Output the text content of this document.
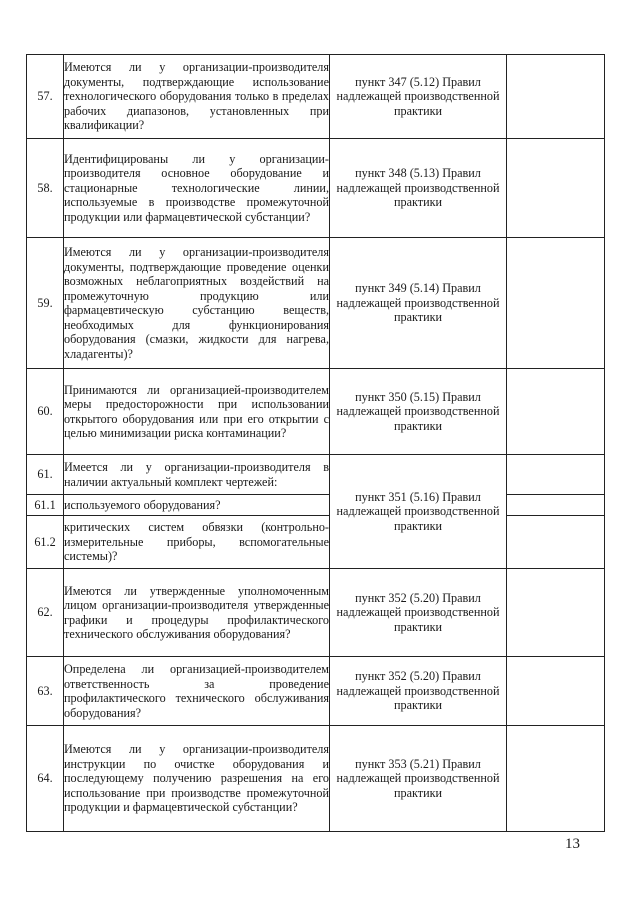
57.	Имеются ли у организации-производителя документы, подтверждающие использование технологического оборудования только в пределах рабочих диапазонов, установленных при квалификации?	пункт 347 (5.12) Правил надлежащей производственной практики	
58.	Идентифицированы ли у организации-производителя основное оборудование и стационарные технологические линии, используемые в производстве промежуточной продукции или фармацевтической субстанции?	пункт 348 (5.13) Правил надлежащей производственной практики	
59.	Имеются ли у организации-производителя документы, подтверждающие проведение оценки возможных неблагоприятных воздействий на промежуточную продукцию или фармацевтическую субстанцию веществ, необходимых для функционирования оборудования (смазки, жидкости для нагрева, хладагенты)?	пункт 349 (5.14) Правил надлежащей производственной практики	
60.	Принимаются ли организацией-производителем меры предосторожности при использовании открытого оборудования или при его открытии с целью минимизации риска контаминации?	пункт 350 (5.15) Правил надлежащей производственной практики	
61.	Имеется ли у организации-производителя в наличии актуальный комплект чертежей:	пункт 351 (5.16) Правил надлежащей производственной практики	
61.1	используемого оборудования?		
61.2	критических систем обвязки (контрольно-измерительные приборы, вспомогательные системы)?		
62.	Имеются ли утвержденные уполномоченным лицом организации-производителя утвержденные графики и процедуры профилактического технического обслуживания оборудования?	пункт 352 (5.20) Правил надлежащей производственной практики	
63.	Определена ли организацией-производителем ответственность за проведение профилактического технического обслуживания оборудования?	пункт 352 (5.20) Правил надлежащей производственной практики	
64.	Имеются ли у организации-производителя инструкции по очистке оборудования и последующему получению разрешения на его использование при производстве промежуточной продукции и фармацевтической субстанции?	пункт 353 (5.21) Правил надлежащей производственной практики	
13
